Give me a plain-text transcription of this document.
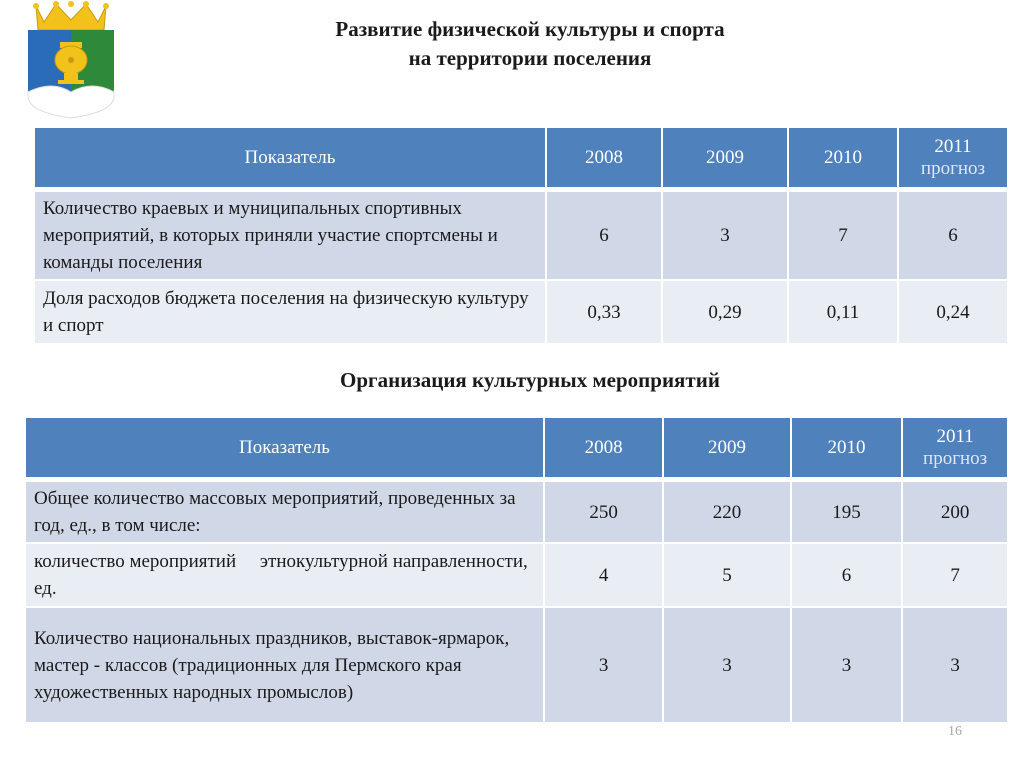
Развитие физической культуры и спорта
на территории поселения
Показатель	2008	2009	2010	2011
прогноз

Количество краевых и муниципальных спортивных мероприятий, в которых приняли участие спортсмены и команды поселения	6	3	7	6
Доля расходов бюджета поселения на физическую культуру и спорт	0,33	0,29	0,11	0,24
Организация культурных мероприятий
Показатель	2008	2009	2010	2011
прогноз

Общее количество массовых мероприятий, проведенных за год, ед., в том числе:	250	220	195	200
количество мероприятий     этнокультурной направленности, ед.	4	5	6	7
Количество национальных праздников, выставок-ярмарок, мастер - классов (традиционных для Пермского края художественных народных промыслов)	3	3	3	3
16
